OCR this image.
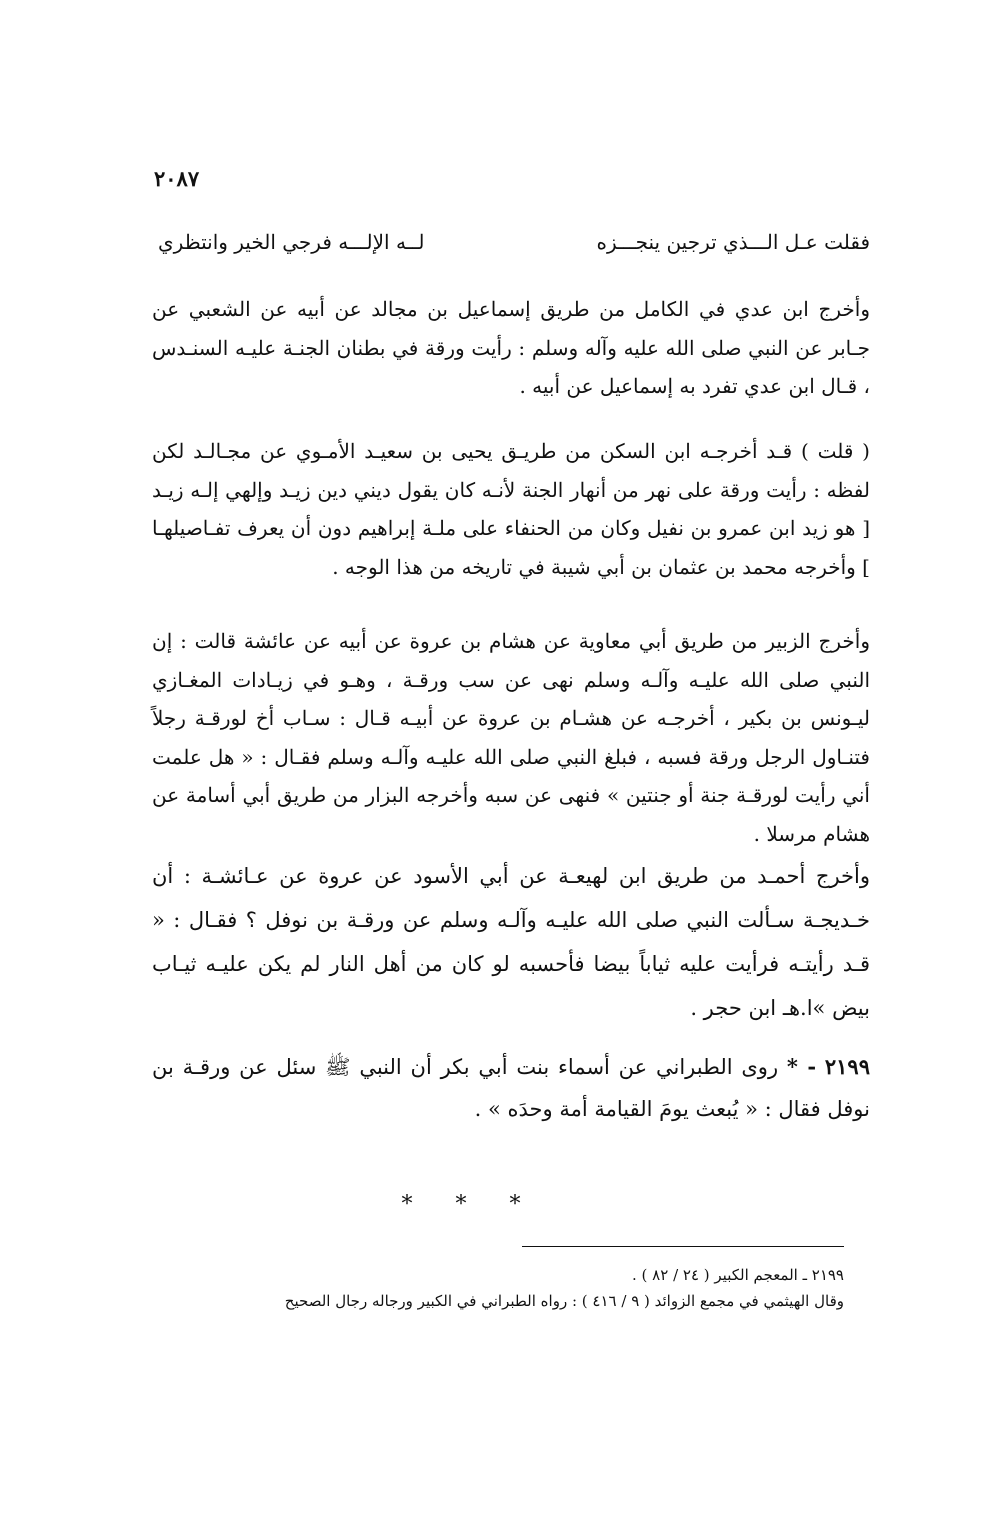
٢٠٨٧
فقلت عـل الـــذي ترجين ينجـــزه
لــه الإلـــه فرجي الخير وانتظري

وأخرج ابن عدي في الكامل من طريق إسماعيل بن مجالد عن أبيه عن الشعبي عن جـابر عن النبي صلى الله عليه وآله وسلم : رأيت ورقة في بطنان الجنـة عليـه السنـدس ، قـال ابن عدي تفرد به إسماعيل عن أبيه .

( قلت ) قـد أخرجـه ابن السكن من طريـق يحيى بن سعيـد الأمـوي عن مجـالـد لكن لفظه : رأيت ورقة على نهر من أنهار الجنة لأنـه كان يقول ديني دين زيـد وإلهي إلـه زيـد [ هو زيد ابن عمرو بن نفيل وكان من الحنفاء على ملـة إبراهيم دون أن يعرف تفـاصيلهـا ] وأخرجه محمد بن عثمان بن أبي شيبة في تاريخه من هذا الوجه .

وأخرج الزبير من طريق أبي معاوية عن هشام بن عروة عن أبيه عن عائشة قالت : إن النبي صلى الله عليـه وآلـه وسلم نهى عن سب ورقـة ، وهـو في زيـادات المغـازي ليـونس بن بكير ، أخرجـه عن هشـام بن عروة عن أبيـه قـال : سـاب أخ لورقـة رجلاً فتنـاول الرجل ورقة فسبه ، فبلغ النبي صلى الله عليـه وآلـه وسلم فقـال : « هل علمت أني رأيت لورقـة جنة أو جنتين » فنهى عن سبه وأخرجه البزار من طريق أبي أسامة عن هشام مرسلا .

وأخرج أحمـد من طريق ابن لهيعـة عن أبي الأسود عن عروة عن عـائشـة : أن خـديجـة سـألت النبي صلى الله عليـه وآلـه وسلم عن ورقـة بن نوفل ؟ فقـال : « قـد رأيتـه فرأيت عليه ثياباً بيضا فأحسبه لو كان من أهل النار لم يكن عليـه ثيـاب بيض »ا.هـ ابن حجر .

٢١٩٩ - * روى الطبراني عن أسماء بنت أبي بكر أن النبي ﷺ سئل عن ورقـة بن نوفل فقال : « يُبعث يومَ القيامة أمة وحدَه » .

* * *

٢١٩٩ ـ المعجم الكبير ( ٢٤ / ٨٢ ) .

وقال الهيثمي في مجمع الزوائد ( ٩ / ٤١٦ ) : رواه الطبراني في الكبير ورجاله رجال الصحيح
